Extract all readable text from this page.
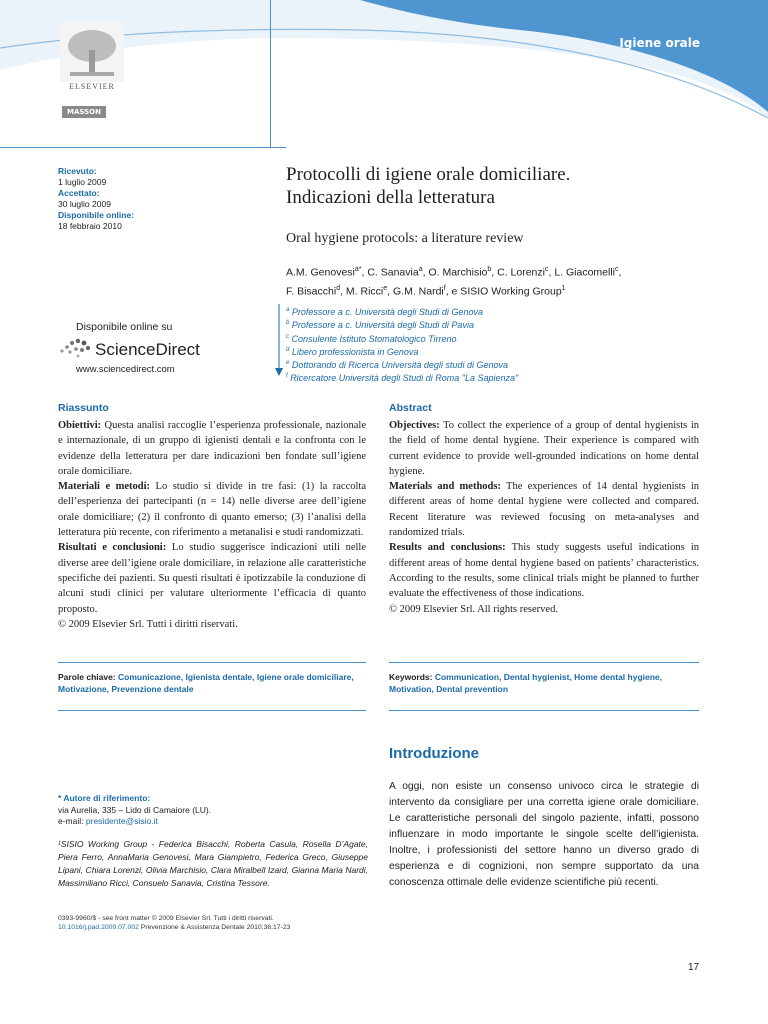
Igiene orale
ELSEVIER
MASSON
Ricevuto:
1 luglio 2009
Accettato:
30 luglio 2009
Disponibile online:
18 febbraio 2010
Protocolli di igiene orale domiciliare.
Indicazioni della letteratura
Oral hygiene protocols: a literature review
A.M. Genovesi$^{a*}$, C. Sanavia$^a$, O. Marchisio$^b$, C. Lorenzi$^c$, L. Giacomelli$^c$,
F. Bisacchi$^d$, M. Ricci$^e$, G.M. Nardi$^f$, e SISIO Working Group$^1$
$^a$ Professore a c. Università degli Studi di Genova
$^b$ Professore a c. Università degli Studi di Pavia
$^c$ Consulente Istituto Stomatologico Tirreno
$^d$ Libero professionista in Genova
$^e$ Dottorando di Ricerca Università degli studi di Genova
$^f$ Ricercatore Università degli Studi di Roma "La Sapienza"
Disponibile online su
ScienceDirect
www.sciencedirect.com
Riassunto
Obiettivi: Questa analisi raccoglie l’esperienza professionale, nazionale e internazionale, di un gruppo di igienisti dentali e la confronta con le evidenze della letteratura per dare indicazioni ben fondate sull’igiene orale domiciliare.
Materiali e metodi: Lo studio si divide in tre fasi: (1) la raccolta dell’esperienza dei partecipanti (n = 14) nelle diverse aree dell’igiene orale domiciliare; (2) il confronto di quanto emerso; (3) l’analisi della letteratura più recente, con riferimento a metanalisi e studi randomizzati.
Risultati e conclusioni: Lo studio suggerisce indicazioni utili nelle diverse aree dell’igiene orale domiciliare, in relazione alle caratteristiche specifiche dei pazienti. Su questi risultati è ipotizzabile la conduzione di alcuni studi clinici per valutare ulteriormente l’efficacia di quanto proposto.
© 2009 Elsevier Srl. Tutti i diritti riservati.
Parole chiave: Comunicazione, Igienista dentale, Igiene orale domiciliare, Motivazione, Prevenzione dentale
Abstract
Objectives: To collect the experience of a group of dental hygienists in the field of home dental hygiene. Their experience is compared with current evidence to provide well-grounded indications on home dental hygiene.
Materials and methods: The experiences of 14 dental hygienists in different areas of home dental hygiene were collected and compared. Recent literature was reviewed focusing on meta-analyses and randomized trials.
Results and conclusions: This study suggests useful indications in different areas of home dental hygiene based on patients’ characteristics. According to the results, some clinical trials might be planned to further evaluate the effectiveness of those indications.
© 2009 Elsevier Srl. All rights reserved.
Keywords: Communication, Dental hygienist, Home dental hygiene, Motivation, Dental prevention
Introduzione
A oggi, non esiste un consenso univoco circa le strategie di intervento da consigliare per una corretta igiene orale domiciliare. Le caratteristiche personali del singolo paziente, infatti, possono influenzare in modo importante le singole scelte dell’igienista. Inoltre, i professionisti del settore hanno un diverso grado di esperienza e di cognizioni, non sempre supportato da una conoscenza ottimale delle evidenze scientifiche più recenti.
* Autore di riferimento:
via Aurelia, 335 – Lido di Camaiore (LU).
e-mail: presidente@sisio.it
¹SISIO Working Group - Federica Bisacchi, Roberta Casula, Rosella D’Agate, Piera Ferro, AnnaMaria Genovesi, Mara Giampietro, Federica Greco, Giuseppe Lipani, Chiara Lorenzi, Olivia Marchisio, Clara Miralbell Izard, Gianna Maria Nardi, Massimiliano Ricci, Consuelo Sanavia, Cristina Tessore.
0393-9960/$ - see front matter © 2009 Elsevier Srl. Tutti i diritti riservati.
10.1016/j.pad.2009.07.002 Prevenzione & Assistenza Dentale 2010;36:17-23
17
